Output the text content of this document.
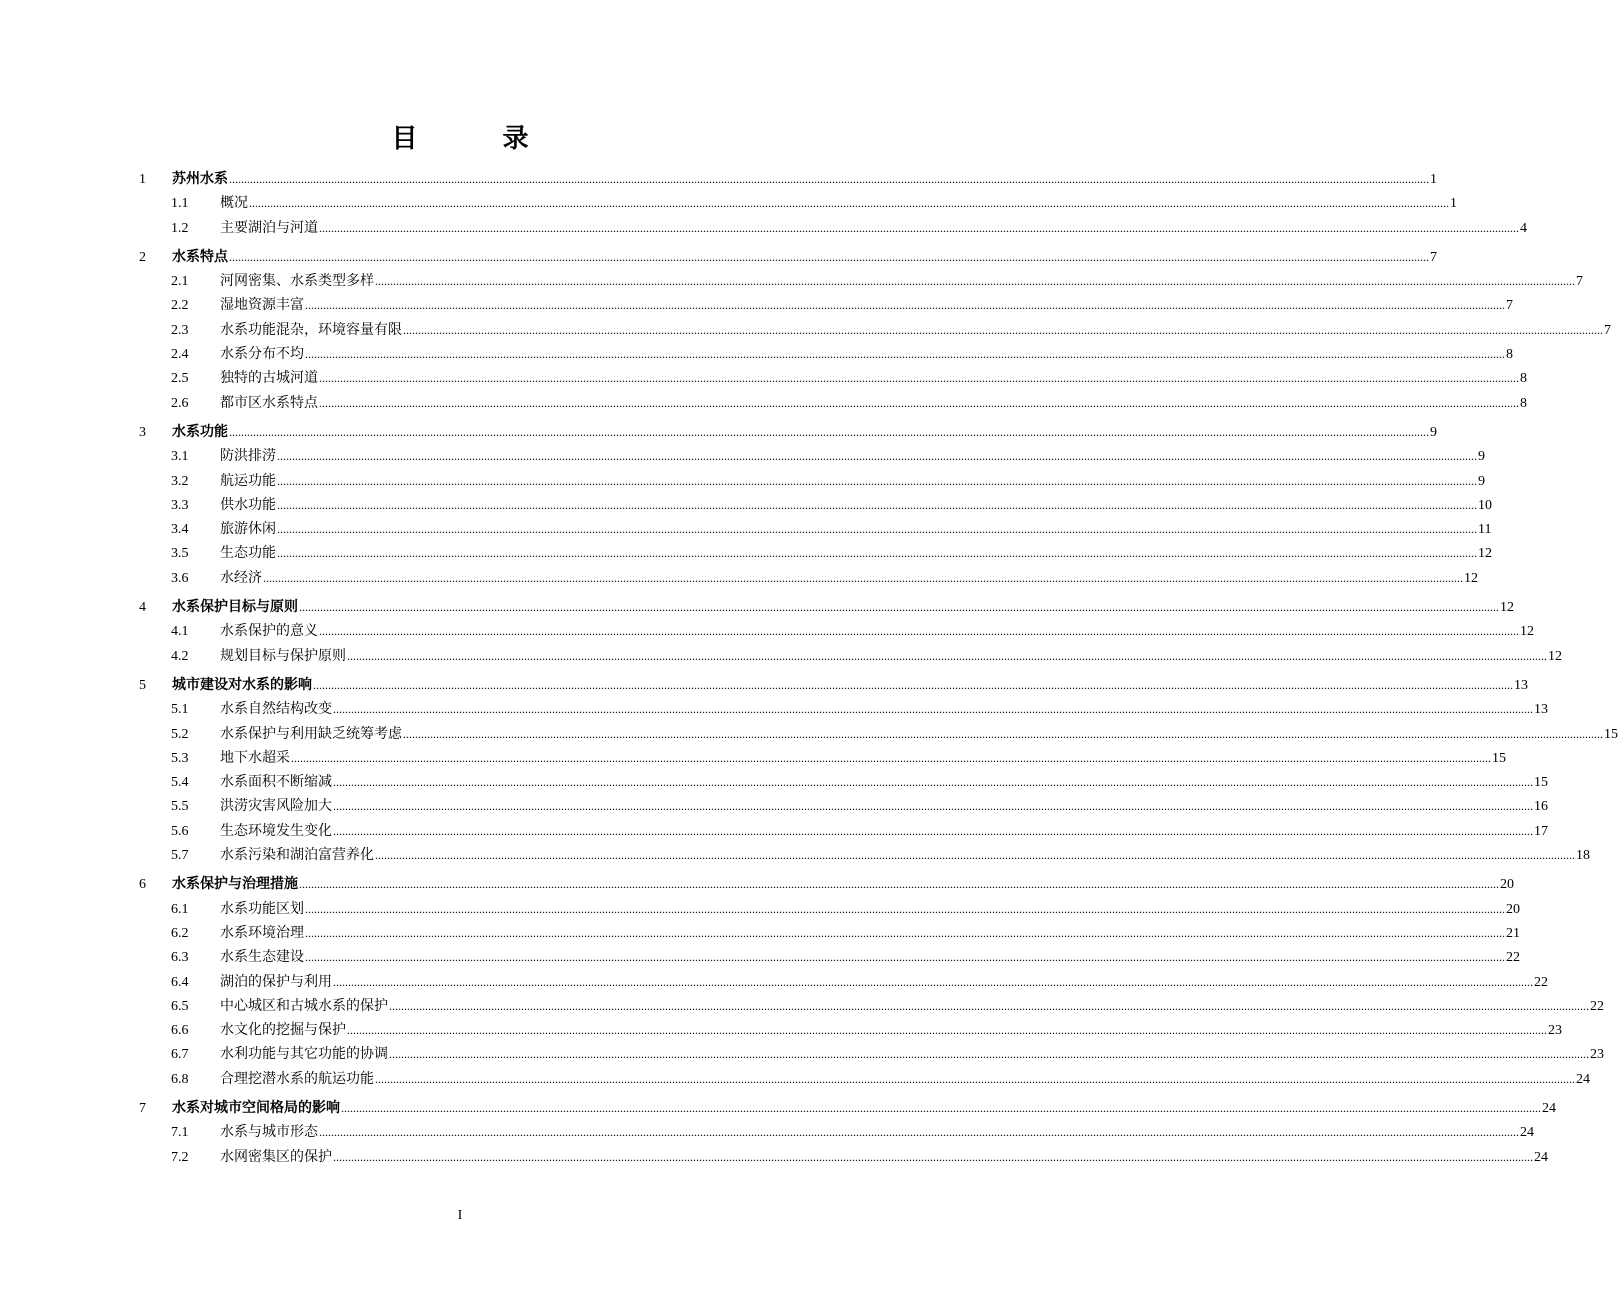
目 录
1	苏州水系 ................................................................................................................................................................................................................................................................................................................................................................................................................ 1
1.1	概况 ................................................................................................................................................................................................................................................................................................................................................................................................................ 1
1.2	主要湖泊与河道 ................................................................................................................................................................................................................................................................................................................................................................................................................ 4
2	水系特点 ................................................................................................................................................................................................................................................................................................................................................................................................................ 7
2.1	河网密集、水系类型多样 ................................................................................................................................................................................................................................................................................................................................................................................................................ 7
2.2	湿地资源丰富 ................................................................................................................................................................................................................................................................................................................................................................................................................ 7
2.3	水系功能混杂，环境容量有限 ................................................................................................................................................................................................................................................................................................................................................................................................................ 7
2.4	水系分布不均 ................................................................................................................................................................................................................................................................................................................................................................................................................ 8
2.5	独特的古城河道 ................................................................................................................................................................................................................................................................................................................................................................................................................ 8
2.6	都市区水系特点 ................................................................................................................................................................................................................................................................................................................................................................................................................ 8
3	水系功能 ................................................................................................................................................................................................................................................................................................................................................................................................................ 9
3.1	防洪排涝 ................................................................................................................................................................................................................................................................................................................................................................................................................ 9
3.2	航运功能 ................................................................................................................................................................................................................................................................................................................................................................................................................ 9
3.3	供水功能 ................................................................................................................................................................................................................................................................................................................................................................................................................ 10
3.4	旅游休闲 ................................................................................................................................................................................................................................................................................................................................................................................................................ 11
3.5	生态功能 ................................................................................................................................................................................................................................................................................................................................................................................................................ 12
3.6	水经济 ................................................................................................................................................................................................................................................................................................................................................................................................................ 12
4	水系保护目标与原则 ................................................................................................................................................................................................................................................................................................................................................................................................................ 12
4.1	水系保护的意义 ................................................................................................................................................................................................................................................................................................................................................................................................................ 12
4.2	规划目标与保护原则 ................................................................................................................................................................................................................................................................................................................................................................................................................ 12
5	城市建设对水系的影响 ................................................................................................................................................................................................................................................................................................................................................................................................................ 13
5.1	水系自然结构改变 ................................................................................................................................................................................................................................................................................................................................................................................................................ 13
5.2	水系保护与利用缺乏统筹考虑 ................................................................................................................................................................................................................................................................................................................................................................................................................ 15
5.3	地下水超采 ................................................................................................................................................................................................................................................................................................................................................................................................................ 15
5.4	水系面积不断缩减 ................................................................................................................................................................................................................................................................................................................................................................................................................ 15
5.5	洪涝灾害风险加大 ................................................................................................................................................................................................................................................................................................................................................................................................................ 16
5.6	生态环境发生变化 ................................................................................................................................................................................................................................................................................................................................................................................................................ 17
5.7	水系污染和湖泊富营养化 ................................................................................................................................................................................................................................................................................................................................................................................................................ 18
6	水系保护与治理措施 ................................................................................................................................................................................................................................................................................................................................................................................................................ 20
6.1	水系功能区划 ................................................................................................................................................................................................................................................................................................................................................................................................................ 20
6.2	水系环境治理 ................................................................................................................................................................................................................................................................................................................................................................................................................ 21
6.3	水系生态建设 ................................................................................................................................................................................................................................................................................................................................................................................................................ 22
6.4	湖泊的保护与利用 ................................................................................................................................................................................................................................................................................................................................................................................................................ 22
6.5	中心城区和古城水系的保护 ................................................................................................................................................................................................................................................................................................................................................................................................................ 22
6.6	水文化的挖掘与保护 ................................................................................................................................................................................................................................................................................................................................................................................................................ 23
6.7	水利功能与其它功能的协调 ................................................................................................................................................................................................................................................................................................................................................................................................................ 23
6.8	合理挖潜水系的航运功能 ................................................................................................................................................................................................................................................................................................................................................................................................................ 24
7	水系对城市空间格局的影响 ................................................................................................................................................................................................................................................................................................................................................................................................................ 24
7.1	水系与城市形态 ................................................................................................................................................................................................................................................................................................................................................................................................................ 24
7.2	水网密集区的保护 ................................................................................................................................................................................................................................................................................................................................................................................................................ 24
I
